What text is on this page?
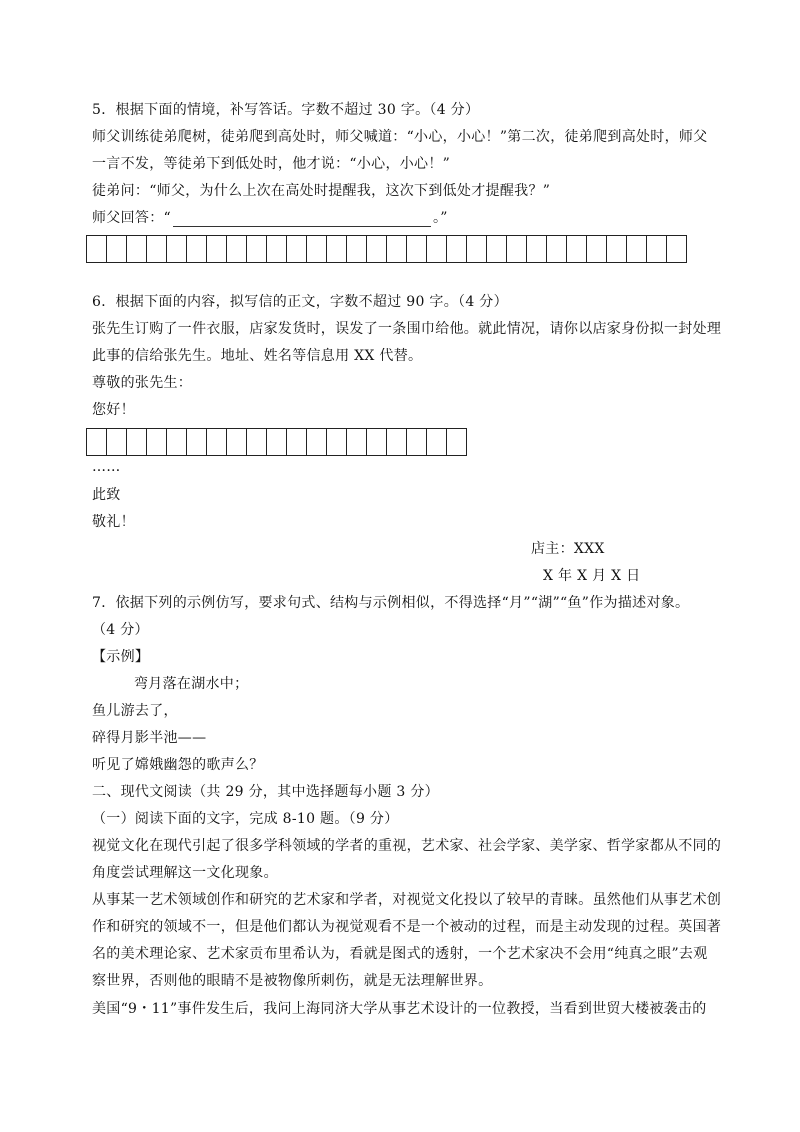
5．根据下面的情境，补写答话。字数不超过 30 字。（4 分）
师父训练徒弟爬树，徒弟爬到高处时，师父喊道：“小心，小心！”第二次，徒弟爬到高处时，师父
一言不发，等徒弟下到低处时，他才说：“小心，小心！”
徒弟问：“师父，为什么上次在高处时提醒我，这次下到低处才提醒我？”
师父回答：“	。”
6．根据下面的内容，拟写信的正文，字数不超过 90 字。（4 分）
张先生订购了一件衣服，店家发货时，误发了一条围巾给他。就此情况，请你以店家身份拟一封处理
此事的信给张先生。地址、姓名等信息用 XX 代替。
尊敬的张先生：
您好！
……
此致
敬礼！
店主：XXX
X 年 X 月 X 日
7．依据下列的示例仿写，要求句式、结构与示例相似，不得选择“月”“湖”“鱼”作为描述对象。
（4 分）
【示例】
弯月落在湖水中；
鱼儿游去了，
碎得月影半池——
听见了嫦娥幽怨的歌声么？
二、现代文阅读（共 29 分，其中选择题每小题 3 分）
（一）阅读下面的文字，完成 8-10 题。（9 分）
视觉文化在现代引起了很多学科领域的学者的重视，艺术家、社会学家、美学家、哲学家都从不同的
角度尝试理解这一文化现象。
从事某一艺术领域创作和研究的艺术家和学者，对视觉文化投以了较早的青睐。虽然他们从事艺术创
作和研究的领域不一，但是他们都认为视觉观看不是一个被动的过程，而是主动发现的过程。英国著
名的美术理论家、艺术家贡布里希认为，看就是图式的透射，一个艺术家决不会用“纯真之眼”去观
察世界，否则他的眼睛不是被物像所刺伤，就是无法理解世界。
美国“9・11”事件发生后，我问上海同济大学从事艺术设计的一位教授，当看到世贸大楼被袭击的
